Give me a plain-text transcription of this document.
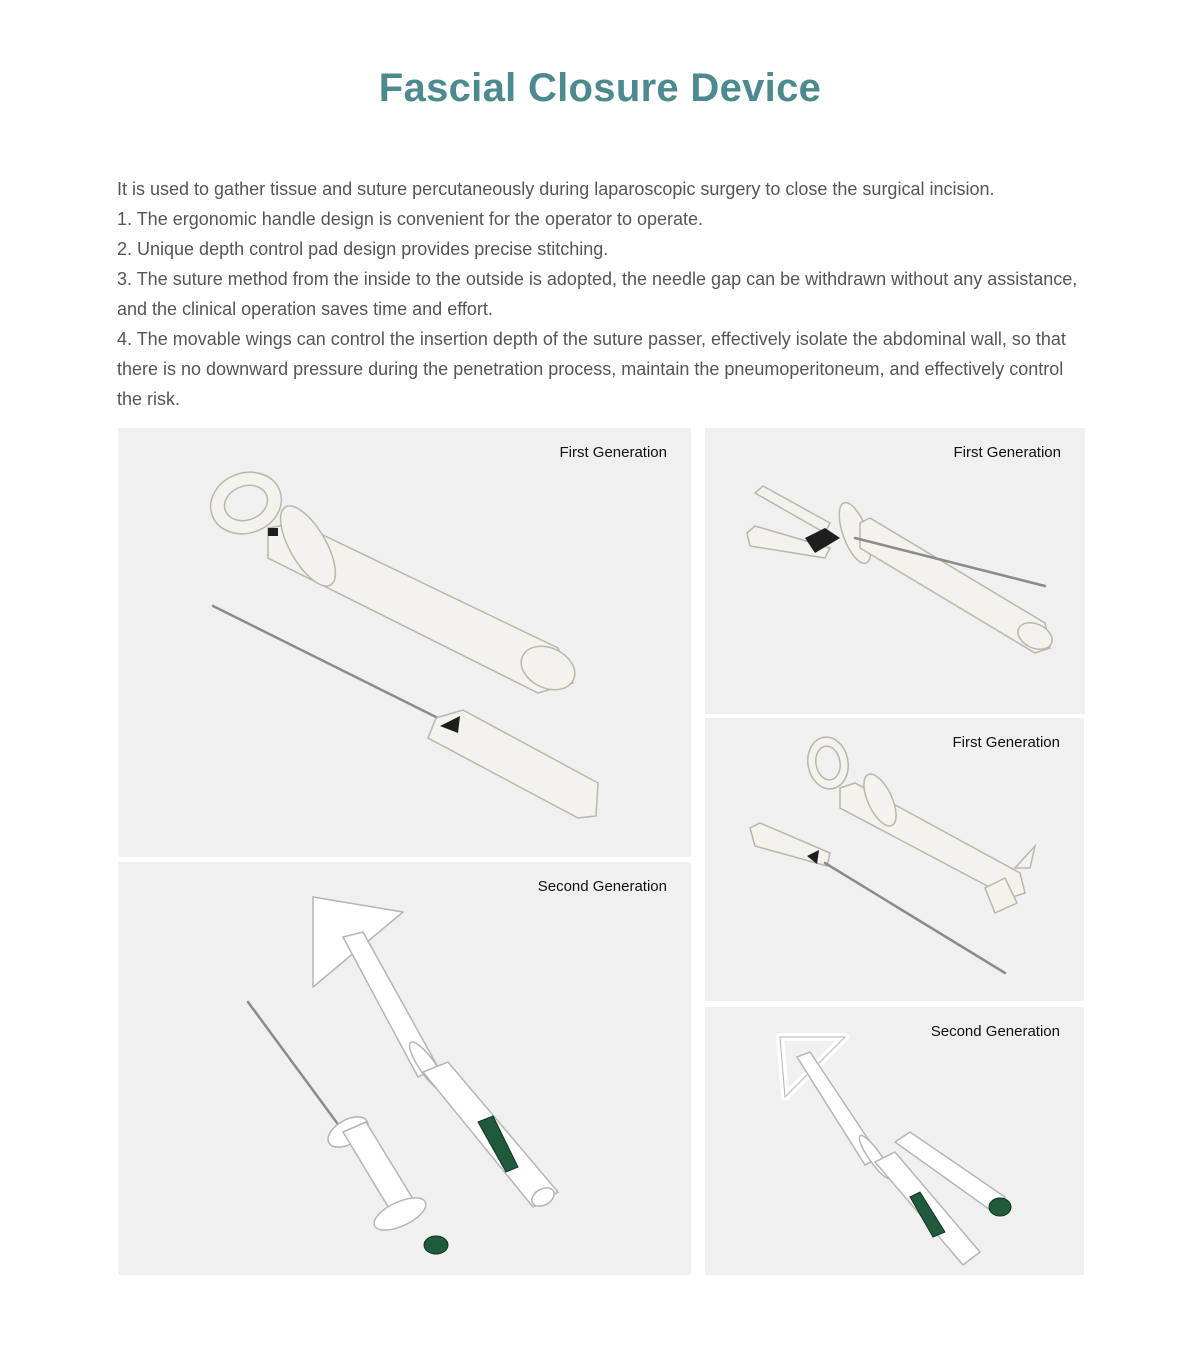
Fascial Closure Device

It is used to gather tissue and suture percutaneously during laparoscopic surgery to close the surgical incision.

1. The ergonomic handle design is convenient for the operator to operate.

2. Unique depth control pad design provides precise stitching.

3. The suture method from the inside to the outside is adopted, the needle gap can be withdrawn without any assistance, and the clinical operation saves time and effort.

4. The movable wings can control the insertion depth of the suture passer, effectively isolate the abdominal wall, so that there is no downward pressure during the penetration process, maintain the pneumoperitoneum, and effectively control the risk.

First Generation	First Generation
First Generation
Second Generation
Second Generation
